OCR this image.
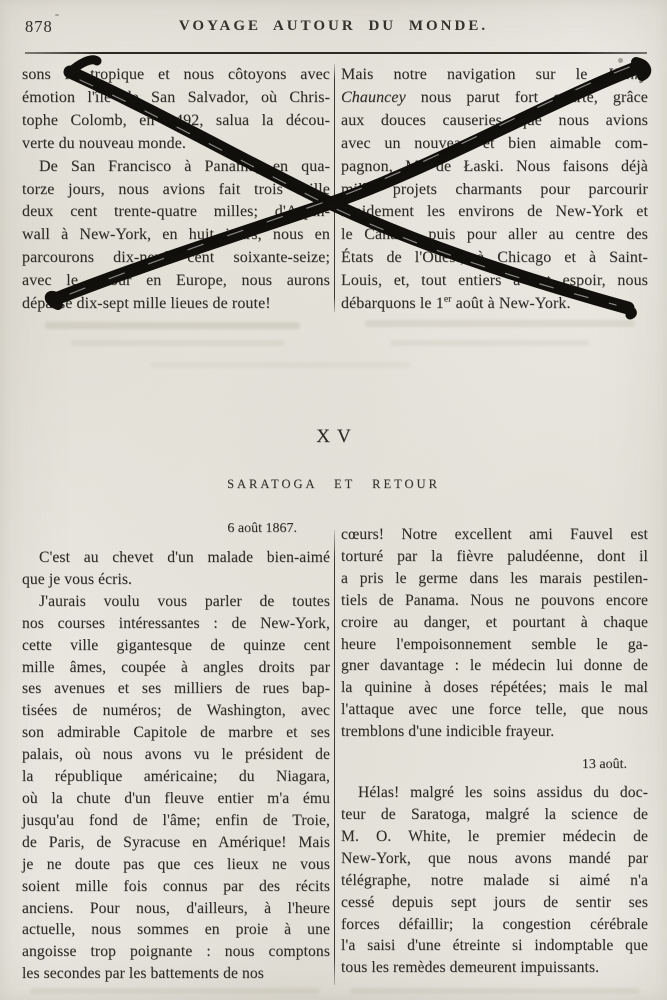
878	VOYAGE AUTOUR DU MONDE.
sons le tropique et nous côtoyons avec
émotion l'île de San Salvador, où Chris-
tophe Colomb, en 1492, salua la décou-
verte du nouveau monde.
De San Francisco à Panama, en qua-
torze jours, nous avions fait trois mille
deux cent trente-quatre milles; d'Aspin-
wall à New-York, en huit jours, nous en
parcourons dix-neuf cent soixante-seize;
avec le retour en Europe, nous aurons
dépassé dix-sept mille lieues de route!
Mais notre navigation sur le Henry
Chauncey nous parut fort courte, grâce
aux douces causeries que nous avions
avec un nouveau et bien aimable com-
pagnon, M. de Łaski. Nous faisons déjà
mille projets charmants pour parcourir
rapidement les environs de New-York et
le Canada, puis pour aller au centre des
États de l'Ouest, à Chicago et à Saint-
Louis, et, tout entiers à cet espoir, nous
débarquons le 1er août à New-York.
XV
SARATOGA ET RETOUR
6 août 1867.
C'est au chevet d'un malade bien-aimé
que je vous écris.
J'aurais voulu vous parler de toutes
nos courses intéressantes : de New-York,
cette ville gigantesque de quinze cent
mille âmes, coupée à angles droits par
ses avenues et ses milliers de rues bap-
tisées de numéros; de Washington, avec
son admirable Capitole de marbre et ses
palais, où nous avons vu le président de
la république américaine; du Niagara,
où la chute d'un fleuve entier m'a ému
jusqu'au fond de l'âme; enfin de Troie,
de Paris, de Syracuse en Amérique! Mais
je ne doute pas que ces lieux ne vous
soient mille fois connus par des récits
anciens. Pour nous, d'ailleurs, à l'heure
actuelle, nous sommes en proie à une
angoisse trop poignante : nous comptons
les secondes par les battements de nos
cœurs! Notre excellent ami Fauvel est
torturé par la fièvre paludéenne, dont il
a pris le germe dans les marais pestilen-
tiels de Panama. Nous ne pouvons encore
croire au danger, et pourtant à chaque
heure l'empoisonnement semble le ga-
gner davantage : le médecin lui donne de
la quinine à doses répétées; mais le mal
l'attaque avec une force telle, que nous
tremblons d'une indicible frayeur.
13 août.
Hélas! malgré les soins assidus du doc-
teur de Saratoga, malgré la science de
M. O. White, le premier médecin de
New-York, que nous avons mandé par
télégraphe, notre malade si aimé n'a
cessé depuis sept jours de sentir ses
forces défaillir; la congestion cérébrale
l'a saisi d'une étreinte si indomptable que
tous les remèdes demeurent impuissants.
